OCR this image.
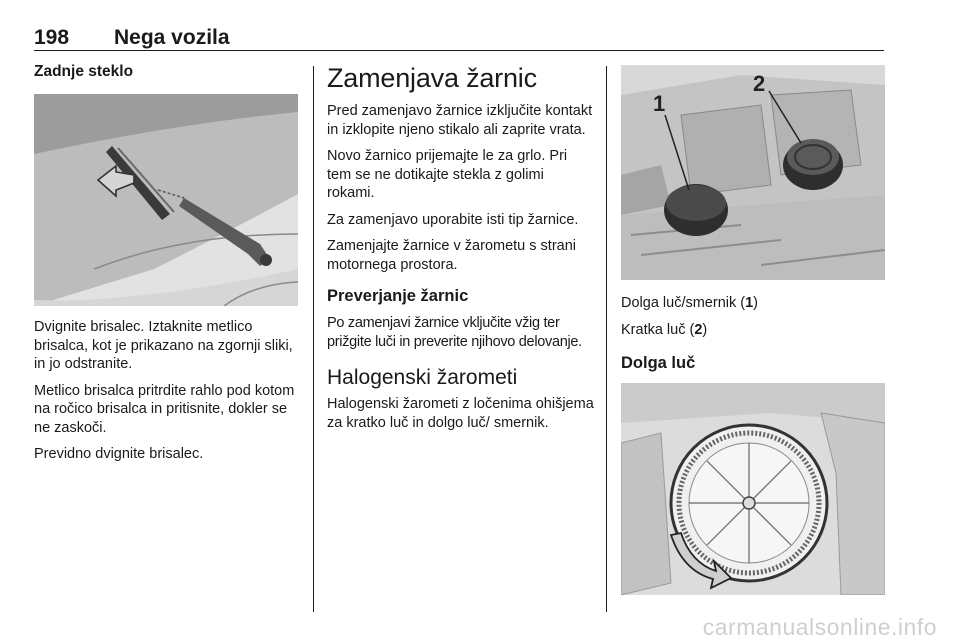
198 Nega vozila
Zadnje steklo

Dvignite brisalec. Iztaknite metlico brisalca, kot je prikazano na zgornji sliki, in jo odstranite.

Metlico brisalca pritrdite rahlo pod kotom na ročico brisalca in pritisnite, dokler se ne zaskoči.

Previdno dvignite brisalec.

Zamenjava žarnic

Pred zamenjavo žarnice izključite kontakt in izklopite njeno stikalo ali zaprite vrata.

Novo žarnico prijemajte le za grlo. Pri tem se ne dotikajte stekla z golimi rokami.

Za zamenjavo uporabite isti tip žarnice.

Zamenjajte žarnice v žarometu s strani motornega prostora.

Preverjanje žarnic

Po zamenjavi žarnice vključite vžig ter prižgite luči in preverite njihovo delovanje.

Halogenski žarometi

Halogenski žarometi z ločenima ohišjema za kratko luč in dolgo luč/ smernik.

1
2

Dolga luč/smernik (1)

Kratka luč (2)

Dolga luč
carmanualsonline.info
